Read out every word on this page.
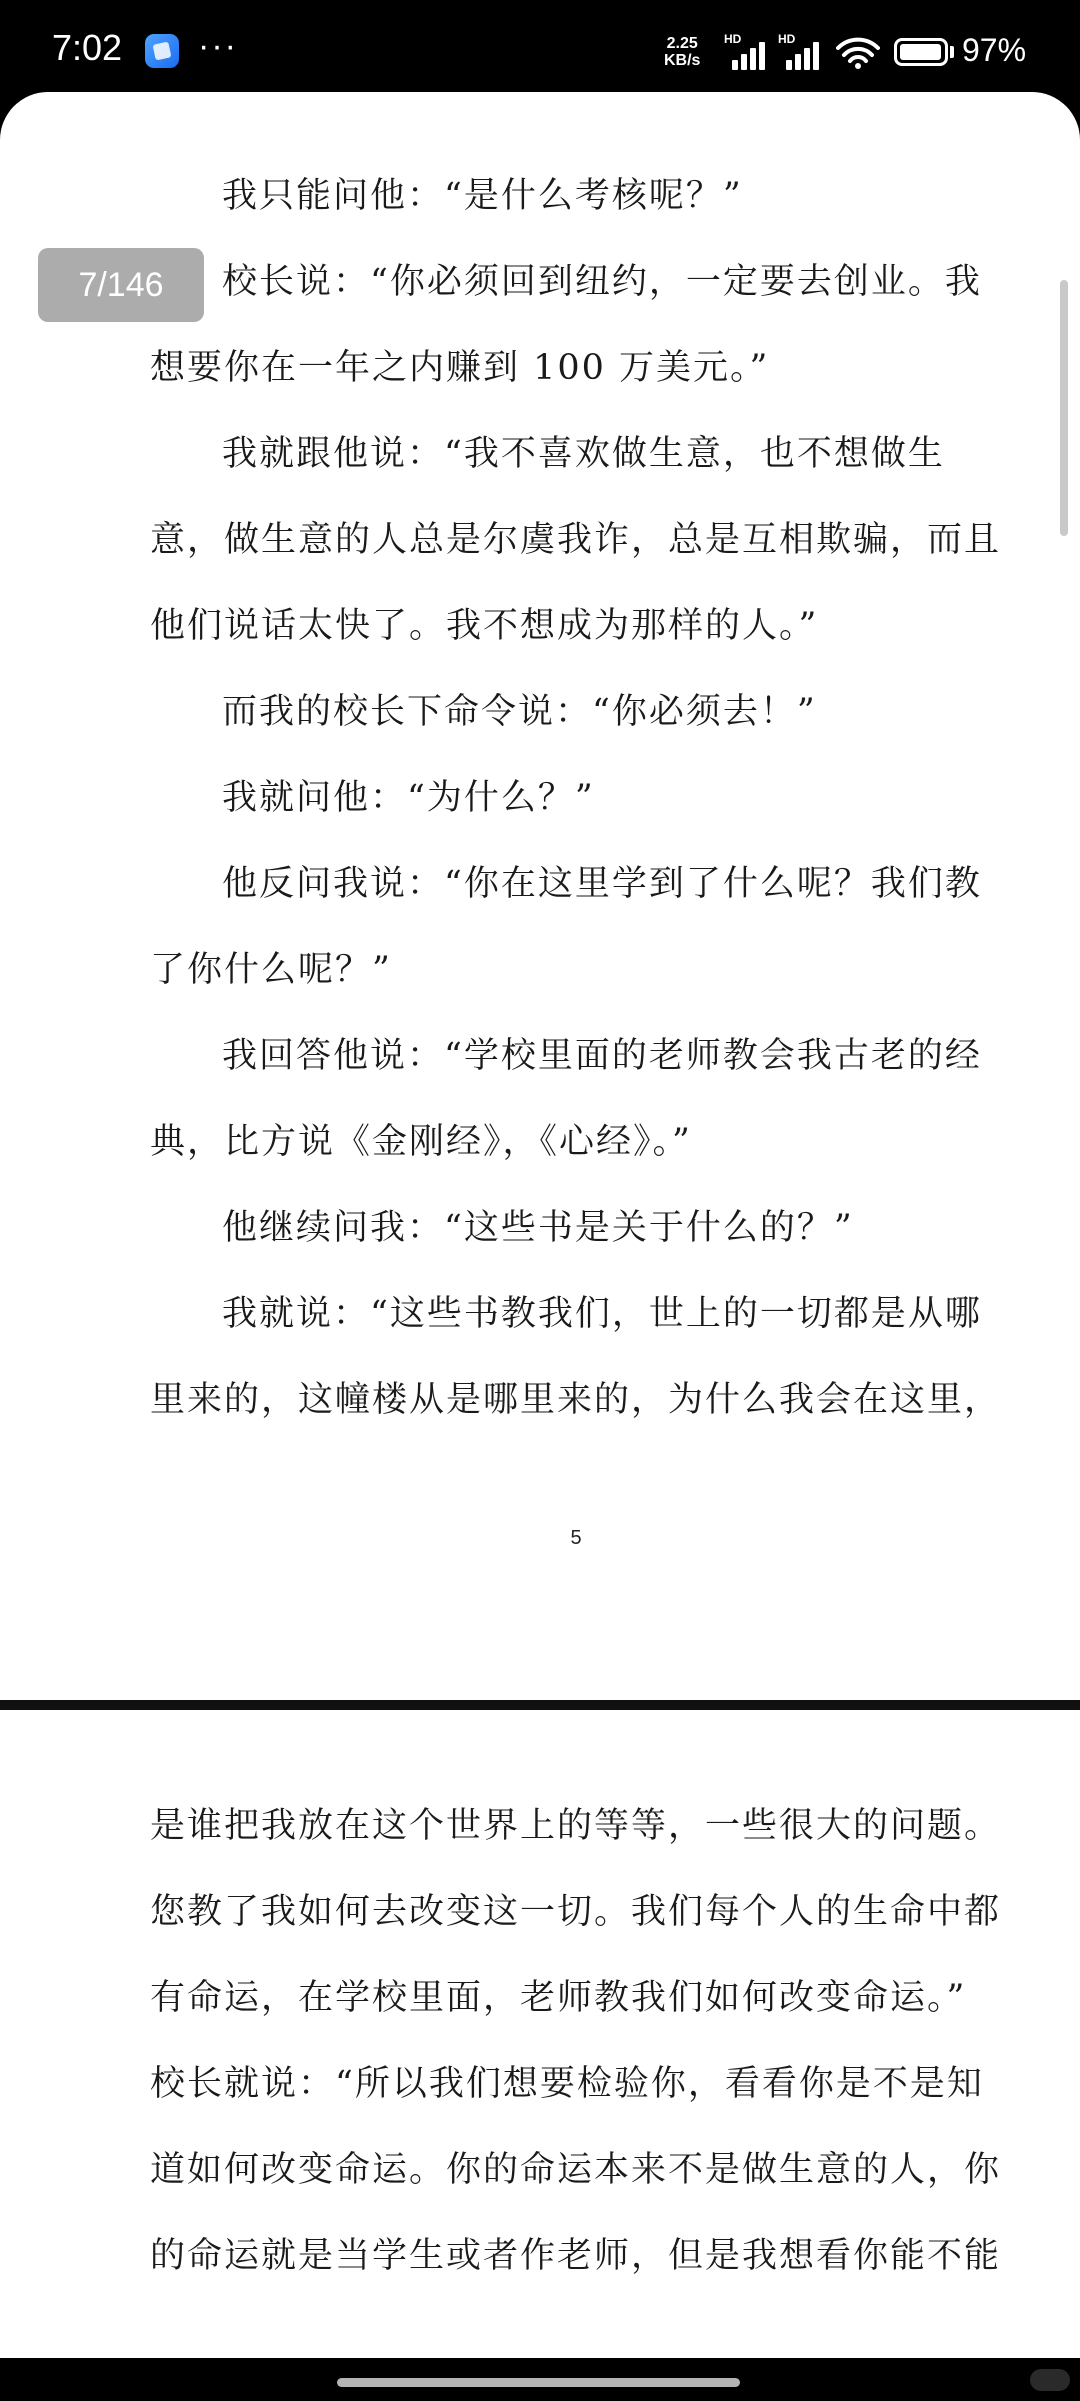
7:02 ···	2.25
KB/s
HD	HD	97%
我只能问他：“是什么考核呢？”
校长说：“你必须回到纽约，一定要去创业。我
想要你在一年之内赚到 100 万美元。”
我就跟他说：“我不喜欢做生意，也不想做生
意，做生意的人总是尔虞我诈，总是互相欺骗，而且
他们说话太快了。我不想成为那样的人。”
而我的校长下命令说：“你必须去！”
我就问他：“为什么？”
他反问我说：“你在这里学到了什么呢？我们教
了你什么呢？”
我回答他说：“学校里面的老师教会我古老的经
典，比方说《金刚经》，《心经》。”
他继续问我：“这些书是关于什么的？”
我就说：“这些书教我们，世上的一切都是从哪
里来的，这幢楼从是哪里来的，为什么我会在这里，
5
是谁把我放在这个世界上的等等，一些很大的问题。
您教了我如何去改变这一切。我们每个人的生命中都
有命运，在学校里面，老师教我们如何改变命运。”
校长就说：“所以我们想要检验你，看看你是不是知
道如何改变命运。你的命运本来不是做生意的人，你
的命运就是当学生或者作老师，但是我想看你能不能
7/146
